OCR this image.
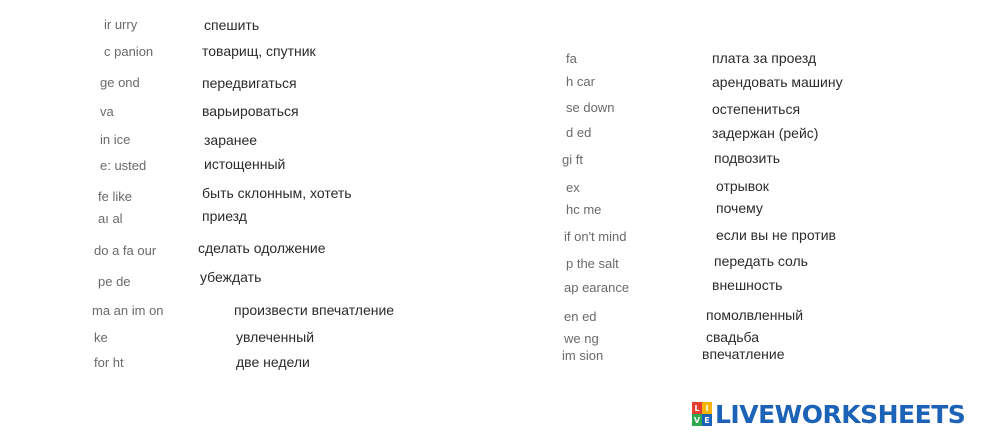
ir urry	спешить
c panion	товарищ, спутник
gе оnd	передвигаться
va	варьироваться
in ice	заранее
e: usted	истощенный
fe like	быть склонным, хотеть
aı al	приезд
do a fa our	сделать одолжение
pe de	убеждать
ma an im on	произвести впечатление
ke	увлеченный
for ht	две недели
fa	плата за проезд
h car	арендовать машину
sе down	остепениться
d ed	задержан (рейс)
gi ft	подвозить
ex	отрывок
hс me	почему
if on't mind	если вы не против
p the salt	передать соль
aр earance	внешность
en ed	помолвленный
we ng	свадьба
im sion	впечатление
L I
V E LIVEWORKSHEETS
